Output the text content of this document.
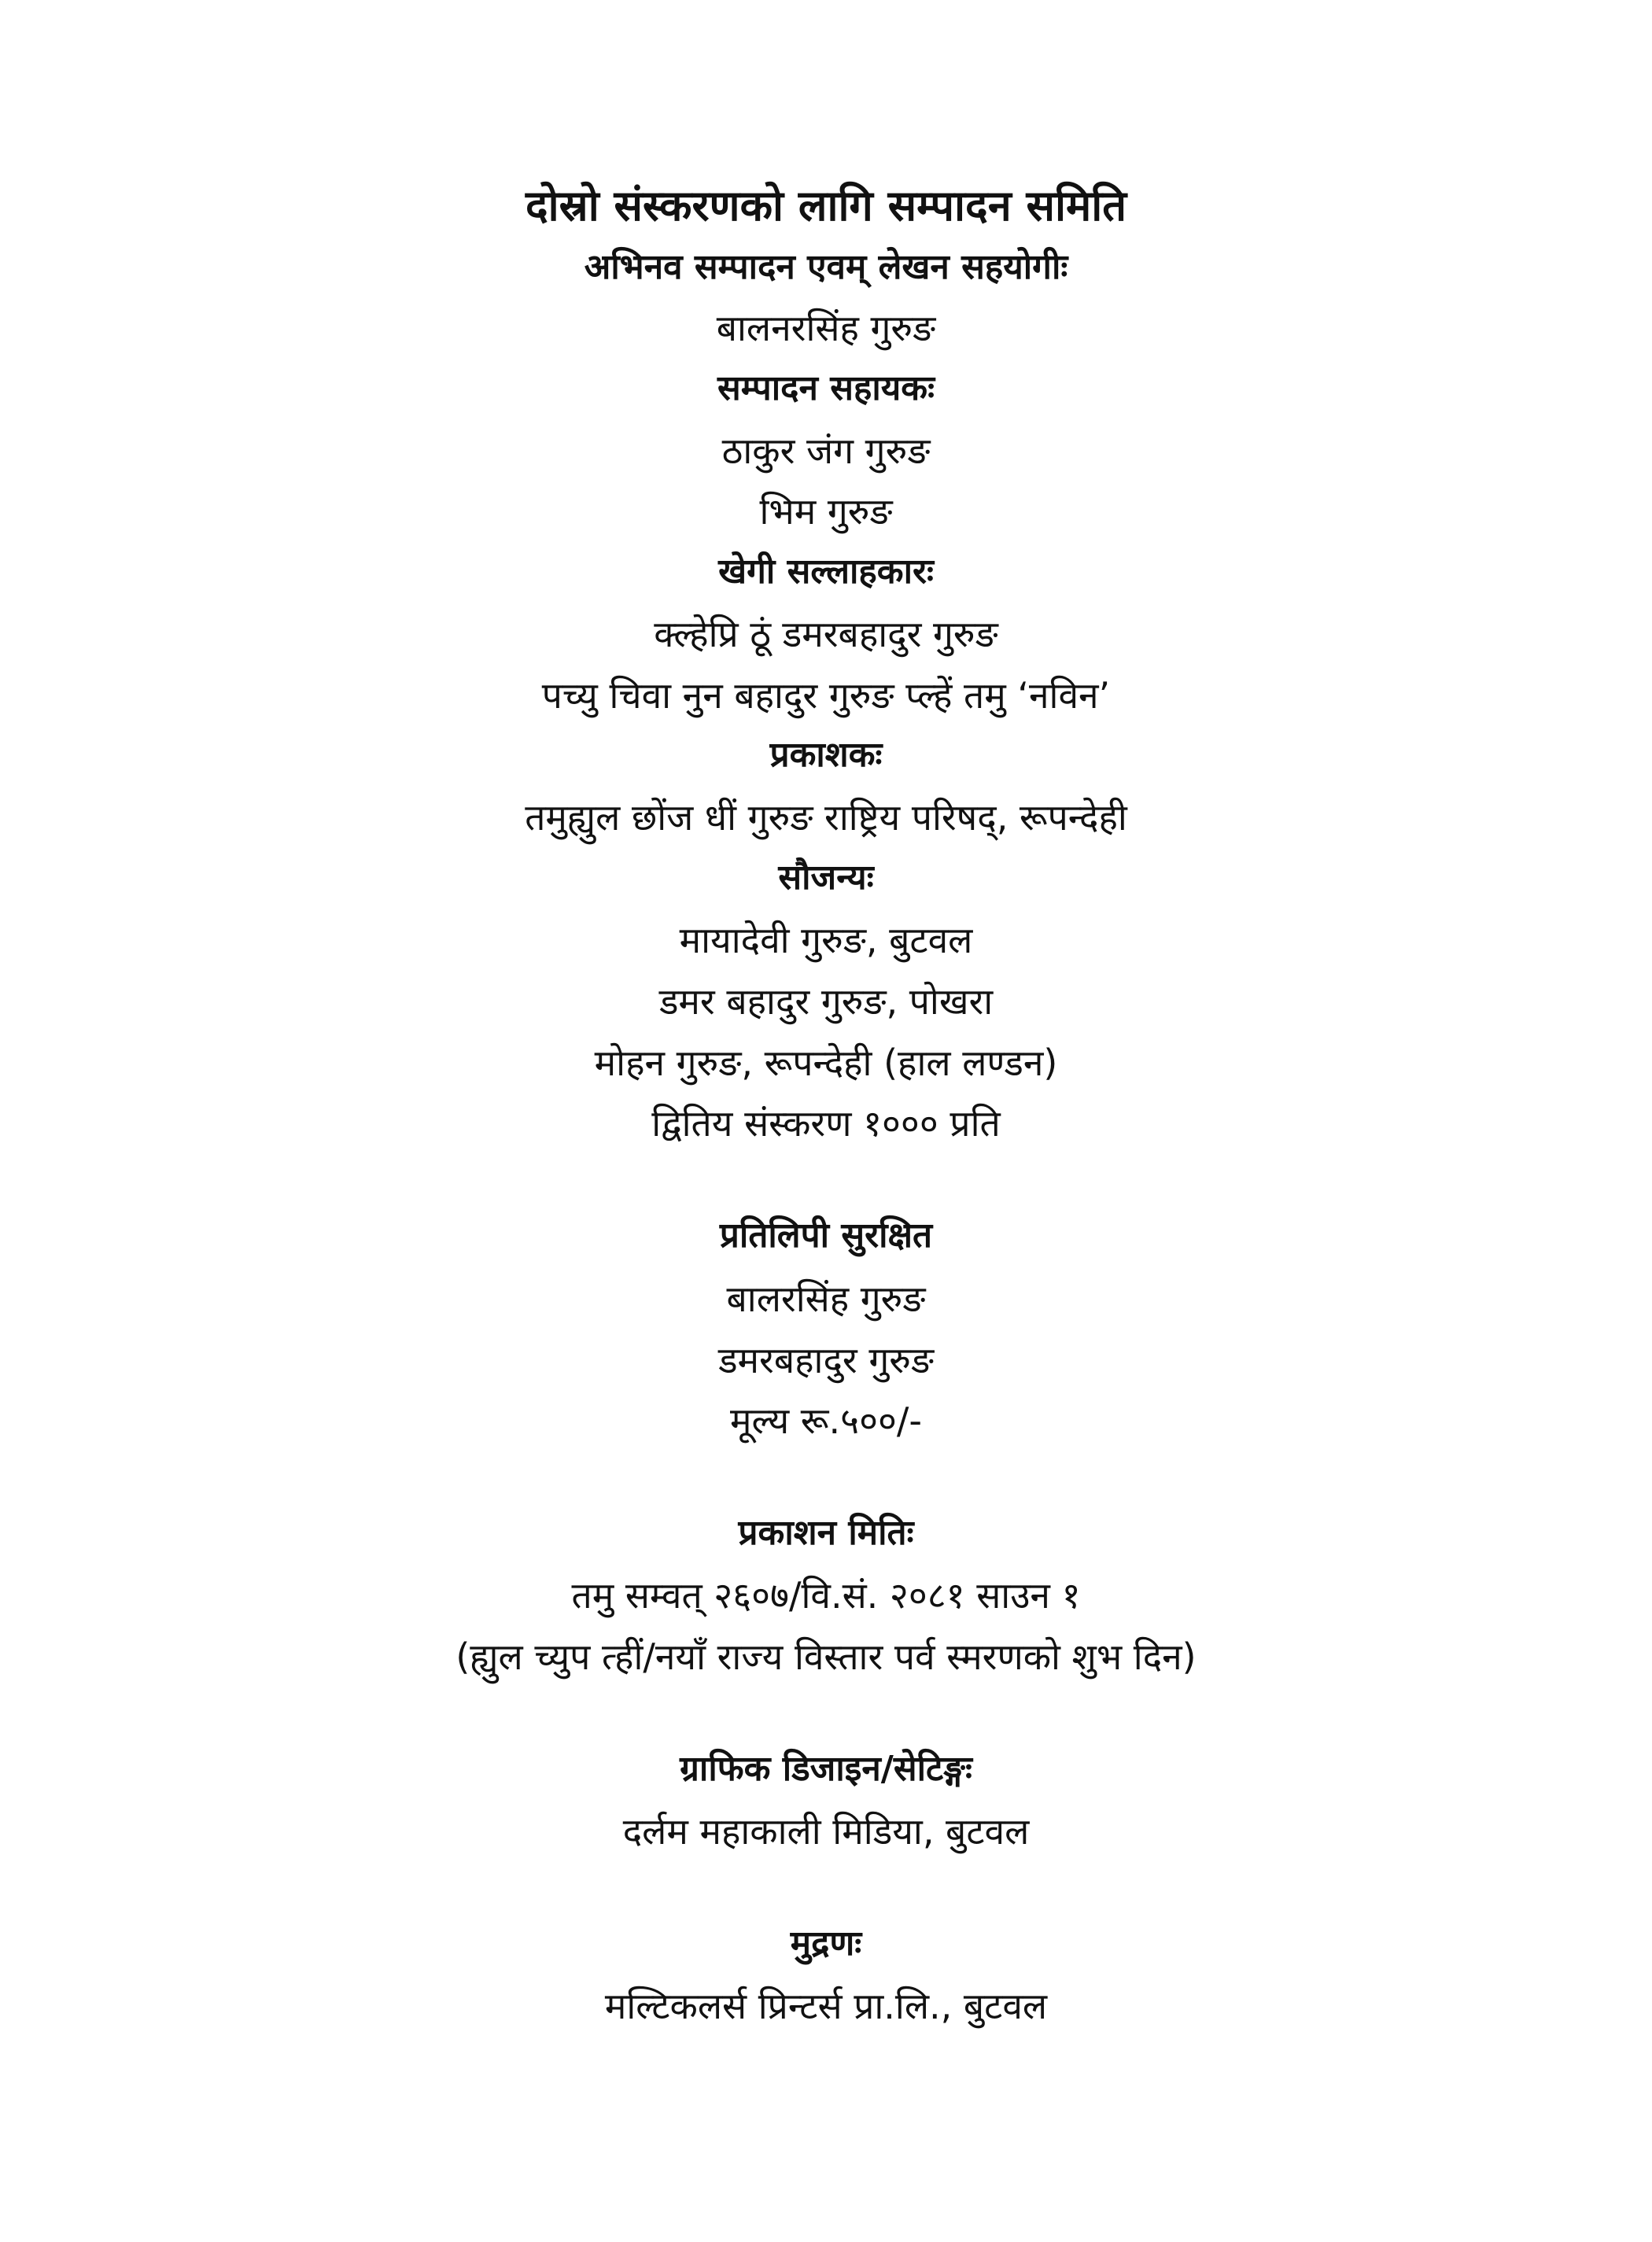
दोस्रो संस्करणको लागि सम्पादन समिति
अभिनव सम्पादन एवम् लेखन सहयोगीः
बालनरसिंह गुरुङ
सम्पादन सहायकः
ठाकुर जंग गुरुङ
भिम गुरुङ
खेगी सल्लाहकारः
क्ल्हेप्रि ठूं डमरबहादुर गुरुङ
पच्यु चिवा नुन बहादुर गुरुङ प्ल्हें तमु ‘नविन’
प्रकाशकः
तमुह्युल छोंज धीं गुरुङ राष्ट्रिय परिषद्, रूपन्देही
सौजन्यः
मायादेवी गुरुङ, बुटवल
डमर बहादुर गुरुङ, पोखरा
मोहन गुरुङ, रूपन्देही (हाल लण्डन)
द्वितिय संस्करण १००० प्रति
प्रतिलिपी सुरक्षित
बालरसिंह गुरुङ
डमरबहादुर गुरुङ
मूल्य रू.५००/-
प्रकाशन मितिः
तमु सम्वत् २६०७/वि.सं. २०८१ साउन १
(ह्युल च्युप त्हीं/नयाँ राज्य विस्तार पर्व स्मरणको शुभ दिन)
ग्राफिक डिजाइन/सेटिङ्गः
दर्लम महाकाली मिडिया, बुटवल
मुद्रणः
मल्टिकलर्स प्रिन्टर्स प्रा.लि., बुटवल
